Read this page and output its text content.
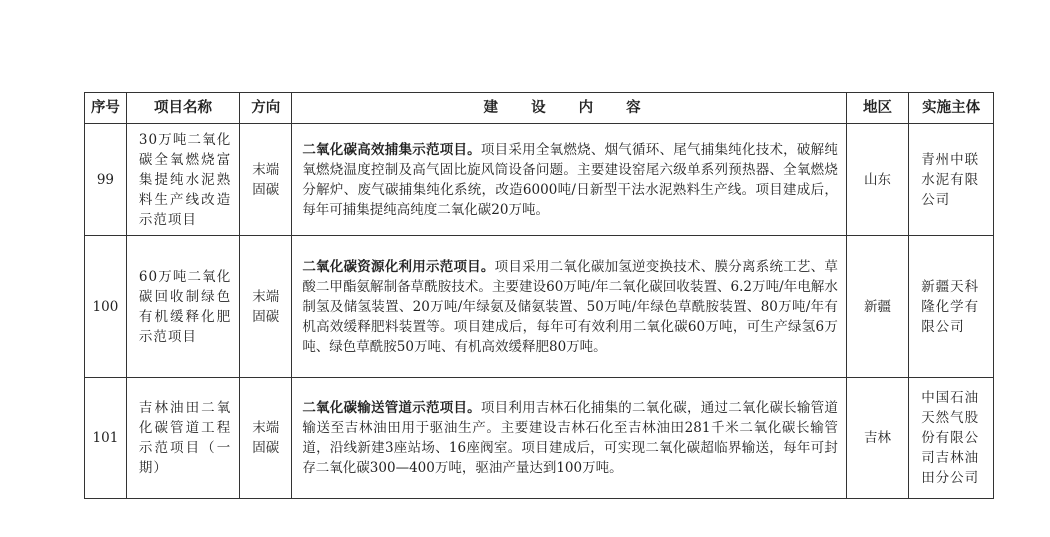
序号	项目名称	方向	建 设 内 容	地区	实施主体
99	30万吨二氧化碳全氧燃烧富集提纯水泥熟料生产线改造示范项目	末端固碳	二氧化碳高效捕集示范项目。项目采用全氧燃烧、烟气循环、尾气捕集纯化技术，破解纯氧燃烧温度控制及高气固比旋风筒设备问题。主要建设窑尾六级单系列预热器、全氧燃烧分解炉、废气碳捕集纯化系统，改造6000吨/日新型干法水泥熟料生产线。项目建成后，每年可捕集提纯高纯度二氧化碳20万吨。	山东	青州中联水泥有限公司

100	60万吨二氧化碳回收制绿色有机缓释化肥示范项目	末端固碳	二氧化碳资源化利用示范项目。项目采用二氧化碳加氢逆变换技术、膜分离系统工艺、草酸二甲酯氨解制备草酰胺技术。主要建设60万吨/年二氧化碳回收装置、6.2万吨/年电解水制氢及储氢装置、20万吨/年绿氨及储氨装置、50万吨/年绿色草酰胺装置、80万吨/年有机高效缓释肥料装置等。项目建成后，每年可有效利用二氧化碳60万吨，可生产绿氢6万吨、绿色草酰胺50万吨、有机高效缓释肥80万吨。	新疆	新疆天科隆化学有限公司

101	吉林油田二氧化碳管道工程示范项目（一期）	末端固碳	二氧化碳输送管道示范项目。项目利用吉林石化捕集的二氧化碳，通过二氧化碳长输管道输送至吉林油田用于驱油生产。主要建设吉林石化至吉林油田281千米二氧化碳长输管道，沿线新建3座站场、16座阀室。项目建成后，可实现二氧化碳超临界输送，每年可封存二氧化碳300—400万吨，驱油产量达到100万吨。	吉林	中国石油天然气股份有限公司吉林油田分公司
